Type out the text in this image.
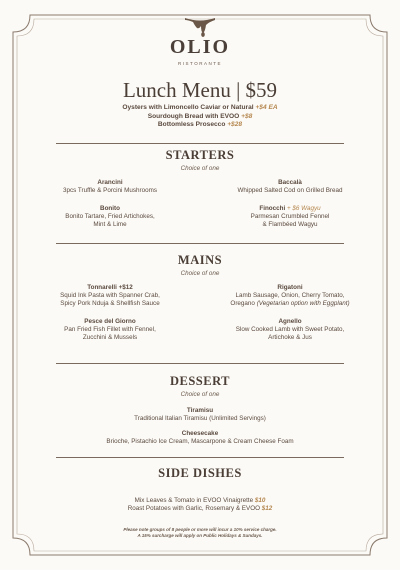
OLIO
RISTORANTE
Lunch Menu | $59
Oysters with Limoncello Caviar or Natural +$4 EA
Sourdough Bread with EVOO +$8
Bottomless Prosecco +$28
STARTERS
Choice of one
Arancini
3pcs Truffle & Porcini Mushrooms
Baccalà
Whipped Salted Cod on Grilled Bread
Bonito
Bonito Tartare, Fried Artichokes,
Mint & Lime
Finocchi + $6 Wagyu
Parmesan Crumbled Fennel
& Flambéed Wagyu
MAINS
Choice of one
Tonnarelli +$12
Squid Ink Pasta with Spanner Crab,
Spicy Pork Nduja & Shellfish Sauce
Rigatoni
Lamb Sausage, Onion, Cherry Tomato,
Oregano (Vegetarian option with Eggplant)
Pesce del Giorno
Pan Fried Fish Fillet with Fennel,
Zucchini & Mussels
Agnello
Slow Cooked Lamb with Sweet Potato,
Artichoke & Jus
DESSERT
Choice of one
Tiramisu
Traditional Italian Tiramisu (Unlimited Servings)
Cheesecake
Brioche, Pistachio Ice Cream, Mascarpone & Cream Cheese Foam
SIDE DISHES
Mix Leaves & Tomato in EVOO Vinaigrette $10
Roast Potatoes with Garlic, Rosemary & EVOO $12
Please note groups of 8 people or more will incur a 10% service charge.
A 15% surcharge will apply on Public Holidays & Sundays.
